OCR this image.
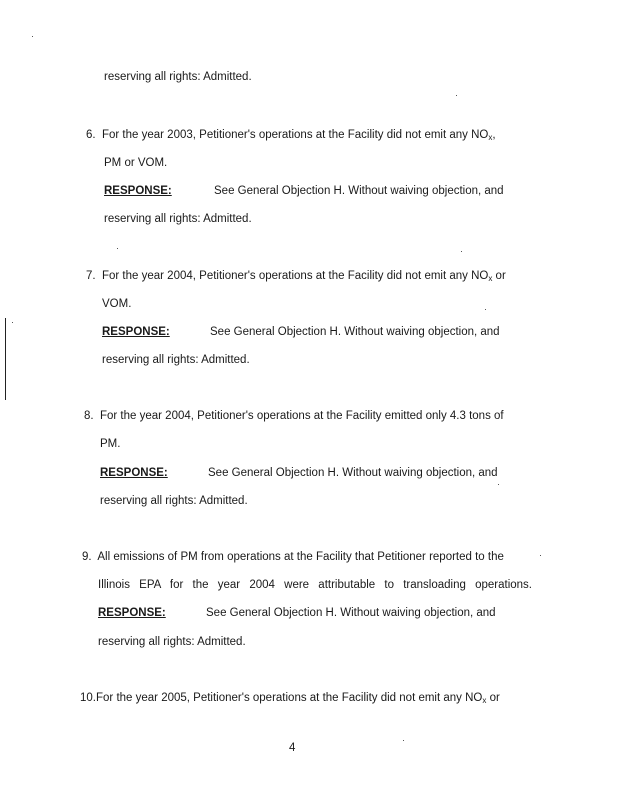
reserving all rights: Admitted.
6. For the year 2003, Petitioner's operations at the Facility did not emit any $NO_x$,
PM or VOM.
RESPONSE:	See General Objection H. Without waiving objection, and
reserving all rights: Admitted.
7. For the year 2004, Petitioner's operations at the Facility did not emit any $NO_x$ or
VOM.
RESPONSE:	See General Objection H. Without waiving objection, and
reserving all rights: Admitted.
8. For the year 2004, Petitioner's operations at the Facility emitted only 4.3 tons of
PM.
RESPONSE:	See General Objection H. Without waiving objection, and
reserving all rights: Admitted.
9. All emissions of PM from operations at the Facility that Petitioner reported to the
Illinois EPA for the year 2004 were attributable to transloading operations.
RESPONSE:	See General Objection H. Without waiving objection, and
reserving all rights: Admitted.
10.For the year 2005, Petitioner's operations at the Facility did not emit any $NO_x$ or
4
